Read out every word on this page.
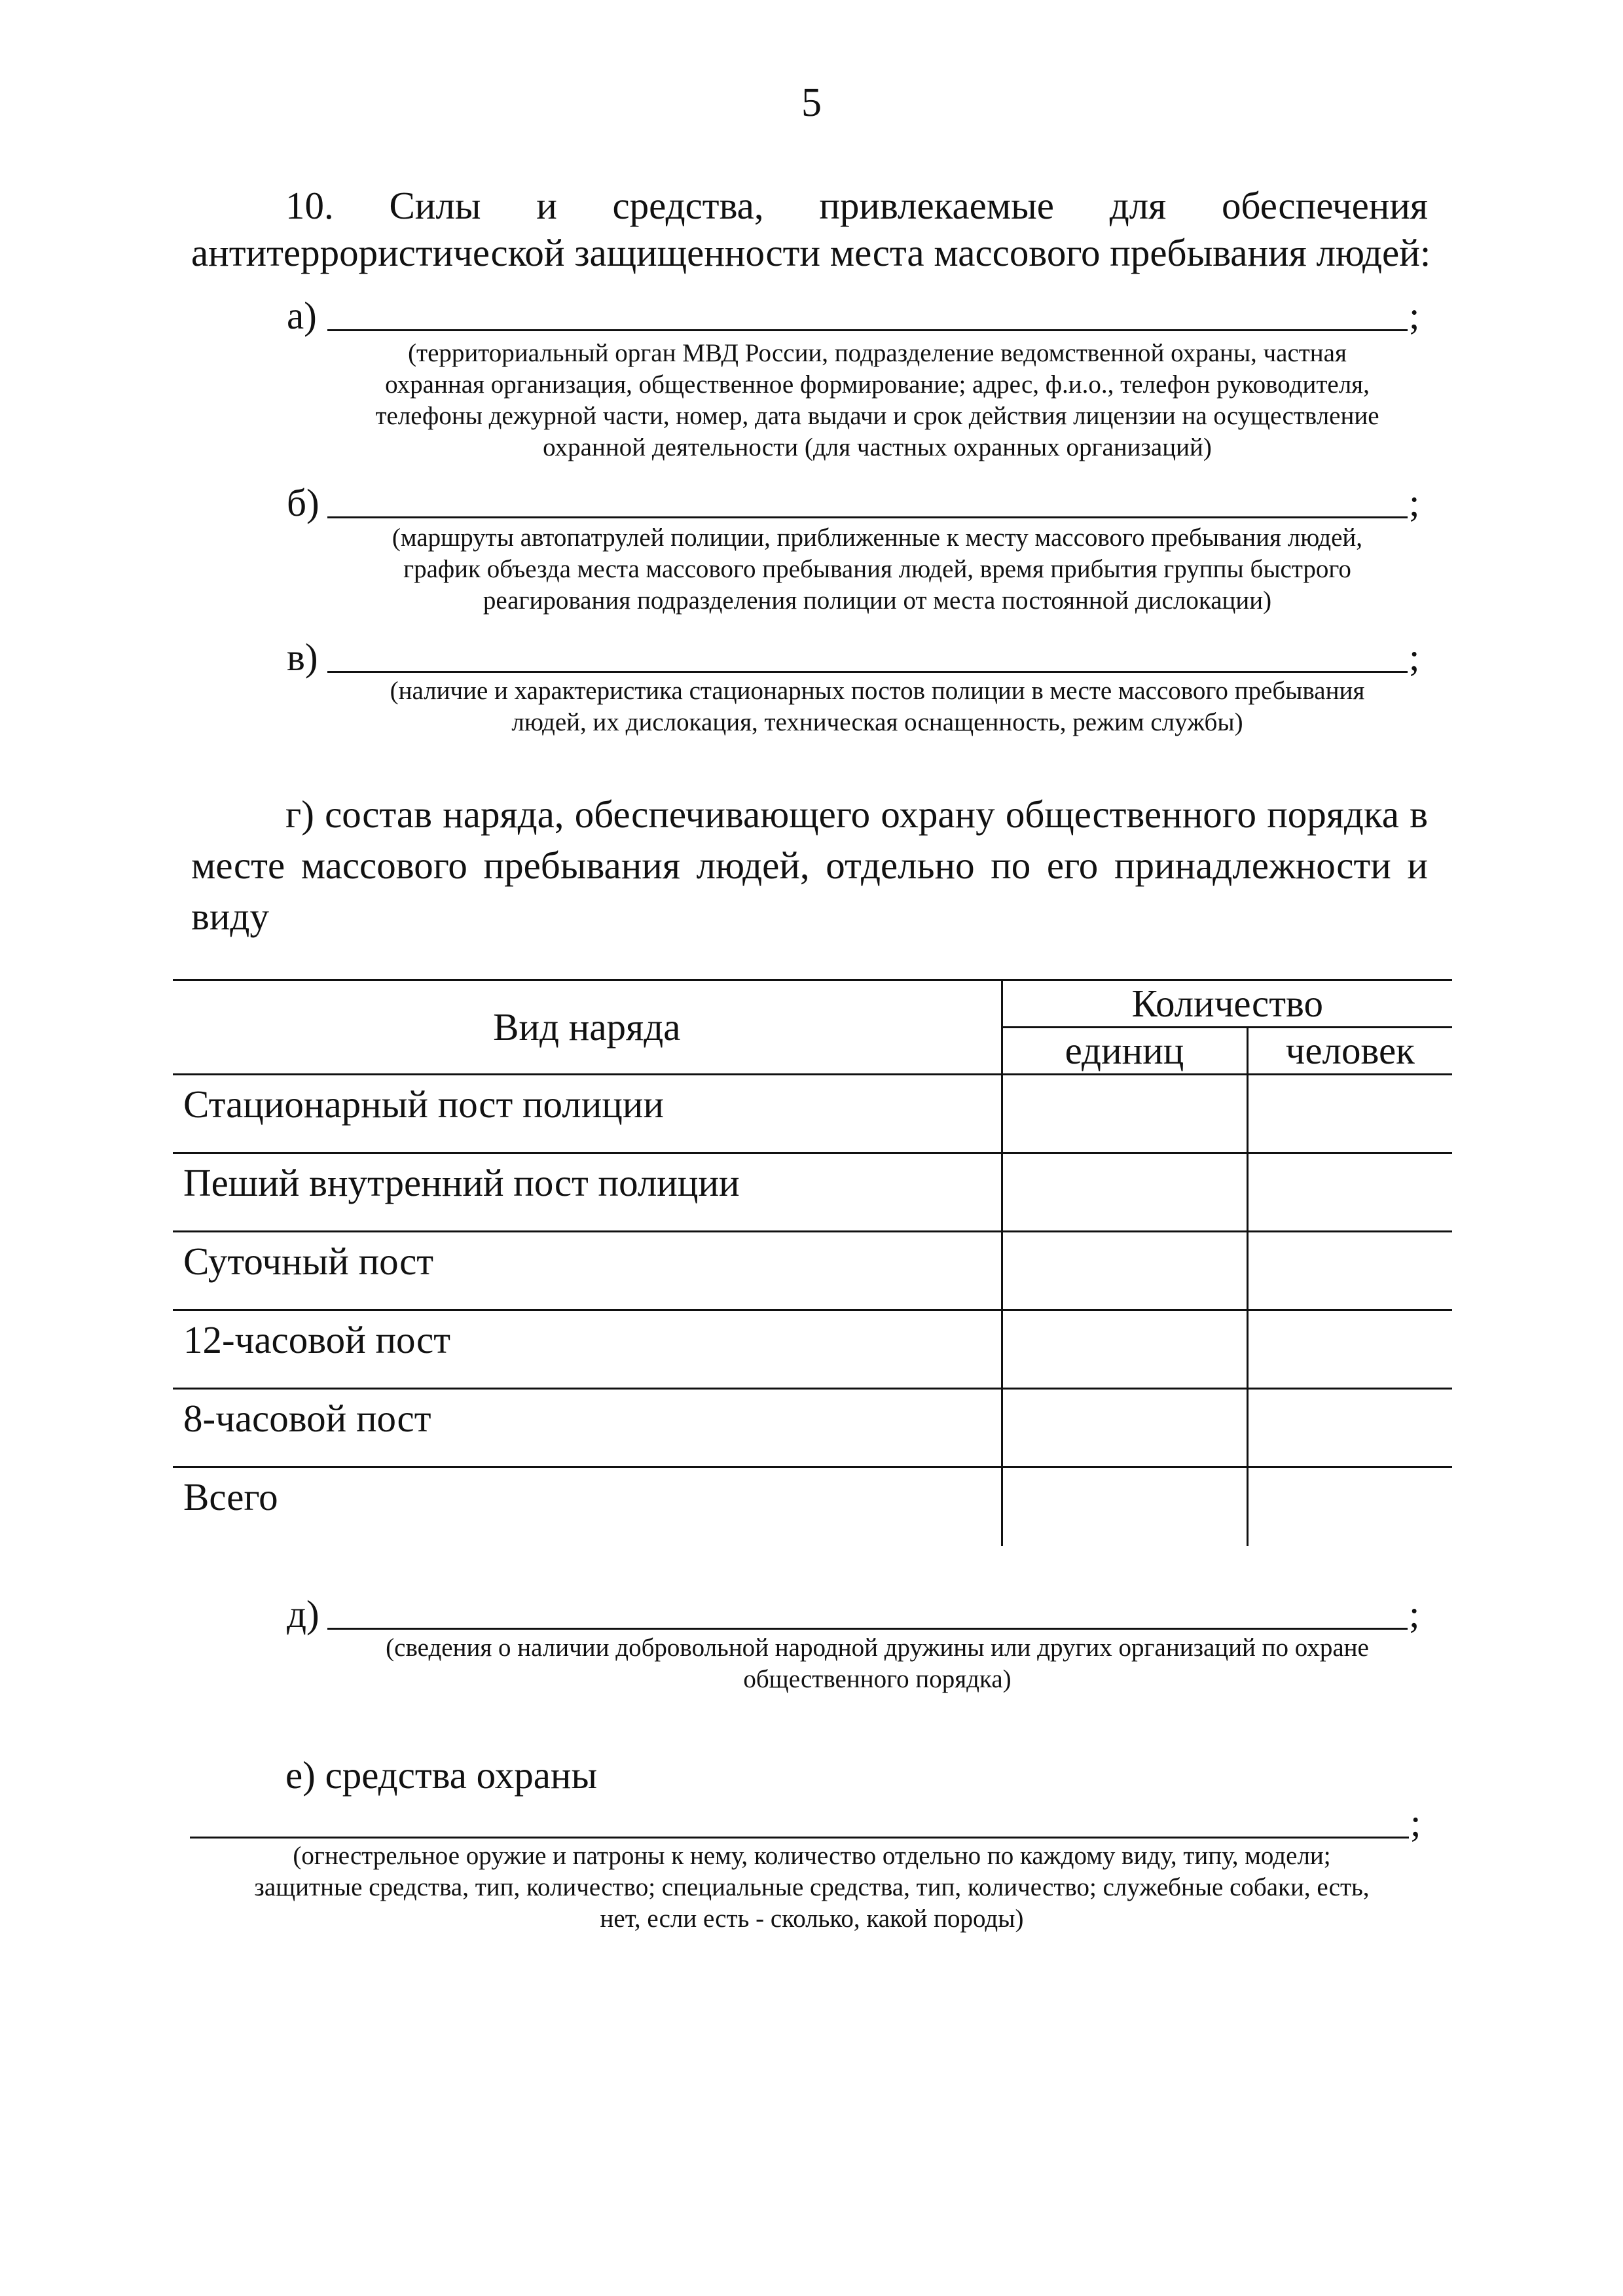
5
10. Силы и средства, привлекаемые для обеспечения
антитеррористической защищенности места массового пребывания людей:
а)	;
(территориальный орган МВД России, подразделение ведомственной охраны, частная
охранная организация, общественное формирование; адрес, ф.и.о., телефон руководителя,
телефоны дежурной части, номер, дата выдачи и срок действия лицензии на осуществление
охранной деятельности (для частных охранных организаций)
б)	;
(маршруты автопатрулей полиции, приближенные к месту массового пребывания людей,
график объезда места массового пребывания людей, время прибытия группы быстрого
реагирования подразделения полиции от места постоянной дислокации)
в)	;
(наличие и характеристика стационарных постов полиции в месте массового пребывания
людей, их дислокация, техническая оснащенность, режим службы)
г) состав наряда, обеспечивающего охрану общественного порядка в
месте массового пребывания людей, отдельно по его принадлежности и
виду
Вид наряда	Количество	
	единиц	человек
Стационарный пост полиции		
Пеший внутренний пост полиции		
Суточный пост		
12-часовой пост		
8-часовой пост		
Всего		
д)	;
(сведения о наличии добровольной народной дружины или других организаций по охране
общественного порядка)
е) средства охраны
;
(огнестрельное оружие и патроны к нему, количество отдельно по каждому виду, типу, модели;
защитные средства, тип, количество; специальные средства, тип, количество; служебные собаки, есть,
нет, если есть - сколько, какой породы)
